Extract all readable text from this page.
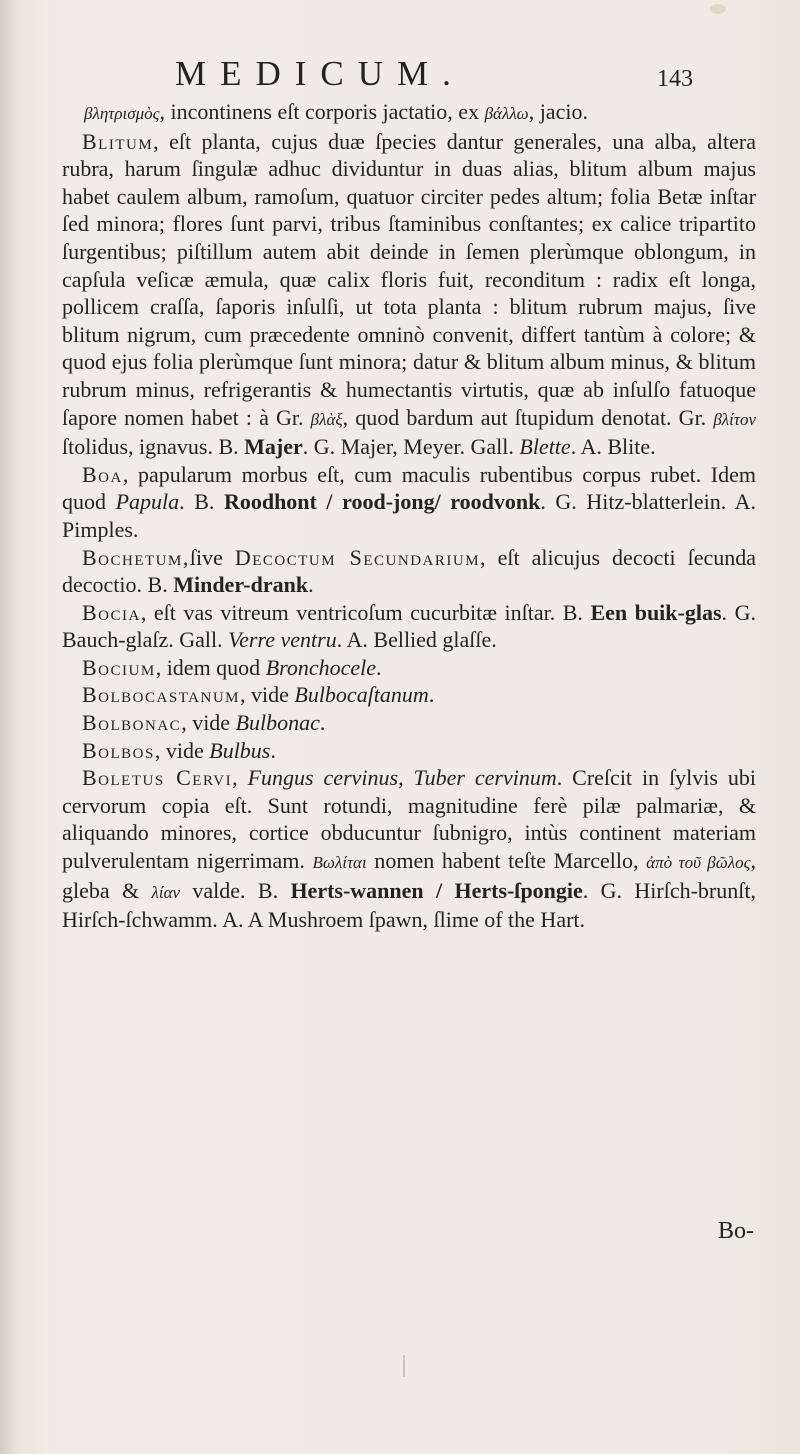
MEDICUM.	143

βλητρισμὸς, incontinens eſt corporis jactatio, ex βάλλω, jacio.

Blitum, eſt planta, cujus duæ ſpecies dantur generales, una alba, altera rubra, harum ſingulæ adhuc dividuntur in duas alias, blitum album majus habet caulem album, ramoſum, quatuor circiter pedes altum; folia Betæ inſtar ſed minora; flores ſunt parvi, tribus ſtaminibus conſtantes; ex calice tripartito ſurgentibus; piſtillum autem abit deinde in ſemen plerùmque oblongum, in capſula veſicæ æmula, quæ calix floris fuit, reconditum : radix eſt longa, pollicem craſſa, ſaporis inſulſi, ut tota planta : blitum rubrum majus, ſive blitum nigrum, cum præcedente omninò convenit, differt tantùm à colore; & quod ejus folia plerùmque ſunt minora; datur & blitum album minus, & blitum rubrum minus, refrigerantis & humectantis virtutis, quæ ab inſulſo fatuoque ſapore nomen habet : à Gr. βλὰξ, quod bardum aut ſtupidum denotat. Gr. βλίτον ſtolidus, ignavus. B. Majer. G. Majer, Meyer. Gall. Blette. A. Blite.

Boa, papularum morbus eſt, cum maculis rubentibus corpus rubet. Idem quod Papula. B. Roodhont / rood-jong/ roodvonk. G. Hitz-blatterlein. A. Pimples.

Bochetum,ſive Decoctum Secundarium, eſt alicujus decocti ſecunda decoctio. B. Minder-drank.

Bocia, eſt vas vitreum ventricoſum cucurbitæ inſtar. B. Een buik-glas. G. Bauch-glaſz. Gall. Verre ventru. A. Bellied glaſſe.

Bocium, idem quod Bronchocele.

Bolbocastanum, vide Bulbocaſtanum.

Bolbonac, vide Bulbonac.

Bolbos, vide Bulbus.

Boletus Cervi, Fungus cervinus, Tuber cervinum. Creſcit in ſylvis ubi cervorum copia eſt. Sunt rotundi, magnitudine ferè pilæ palmariæ, & aliquando minores, cortice obducuntur ſubnigro, intùs continent materiam pulverulentam nigerrimam. Βωλίται nomen habent teſte Marcello, ἀπὸ τοῦ βῶλος, gleba & λίαν valde. B. Herts-wannen / Herts-ſpongie. G. Hirſch-brunſt, Hirſch-ſchwamm. A. A Mushroem ſpawn, ſlime of the Hart.

Bo-
